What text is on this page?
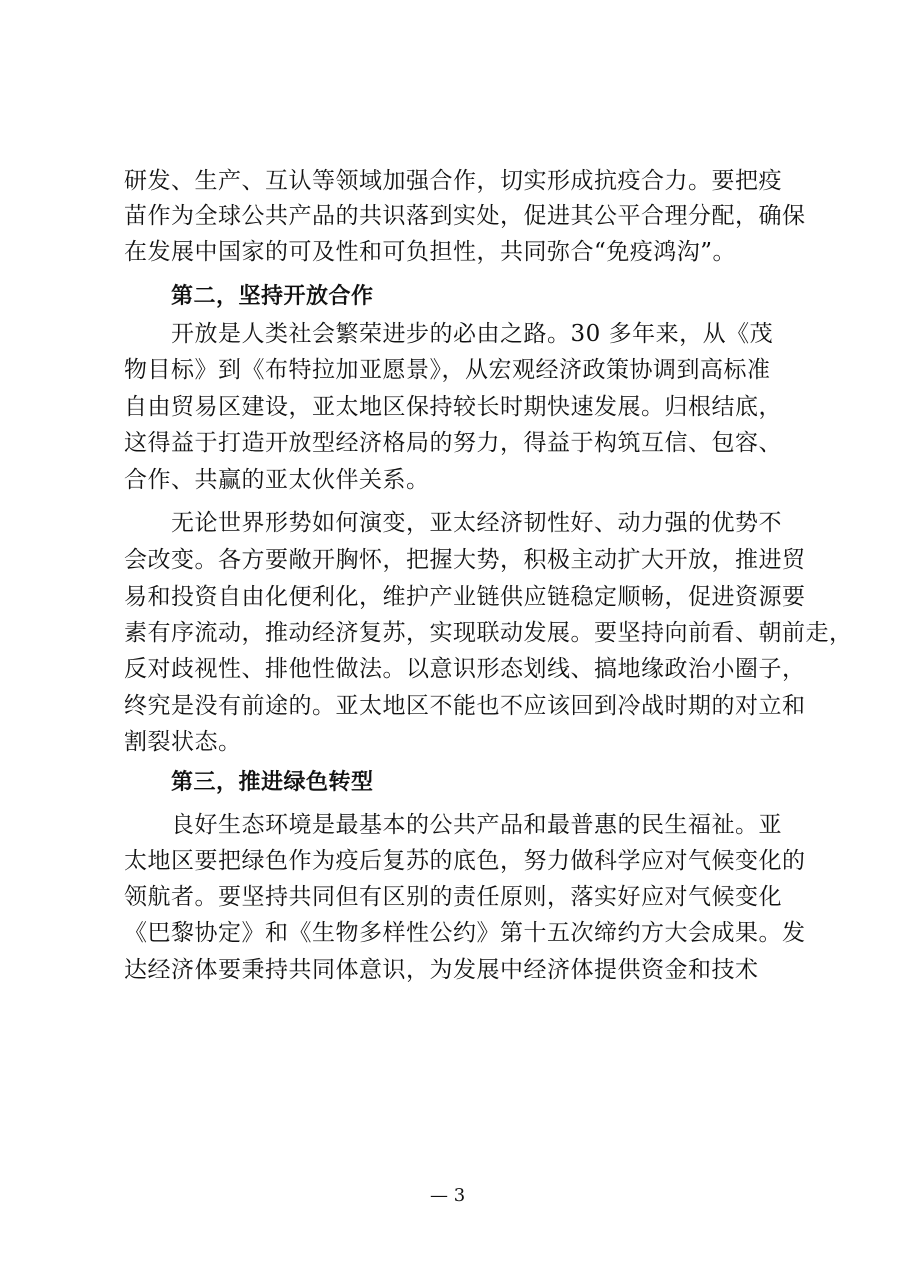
研发、生产、互认等领域加强合作，切实形成抗疫合力。要把疫
苗作为全球公共产品的共识落到实处，促进其公平合理分配，确保
在发展中国家的可及性和可负担性，共同弥合“免疫鸿沟”。
第二，坚持开放合作
开放是人类社会繁荣进步的必由之路。30 多年来，从《茂
物目标》到《布特拉加亚愿景》，从宏观经济政策协调到高标准
自由贸易区建设，亚太地区保持较长时期快速发展。归根结底，
这得益于打造开放型经济格局的努力，得益于构筑互信、包容、
合作、共赢的亚太伙伴关系。
无论世界形势如何演变，亚太经济韧性好、动力强的优势不
会改变。各方要敞开胸怀，把握大势，积极主动扩大开放，推进贸
易和投资自由化便利化，维护产业链供应链稳定顺畅，促进资源要
素有序流动，推动经济复苏，实现联动发展。要坚持向前看、朝前走，
反对歧视性、排他性做法。以意识形态划线、搞地缘政治小圈子，
终究是没有前途的。亚太地区不能也不应该回到冷战时期的对立和
割裂状态。
第三，推进绿色转型
良好生态环境是最基本的公共产品和最普惠的民生福祉。亚
太地区要把绿色作为疫后复苏的底色，努力做科学应对气候变化的
领航者。要坚持共同但有区别的责任原则，落实好应对气候变化
《巴黎协定》和《生物多样性公约》第十五次缔约方大会成果。发
达经济体要秉持共同体意识，为发展中经济体提供资金和技术
— 3
